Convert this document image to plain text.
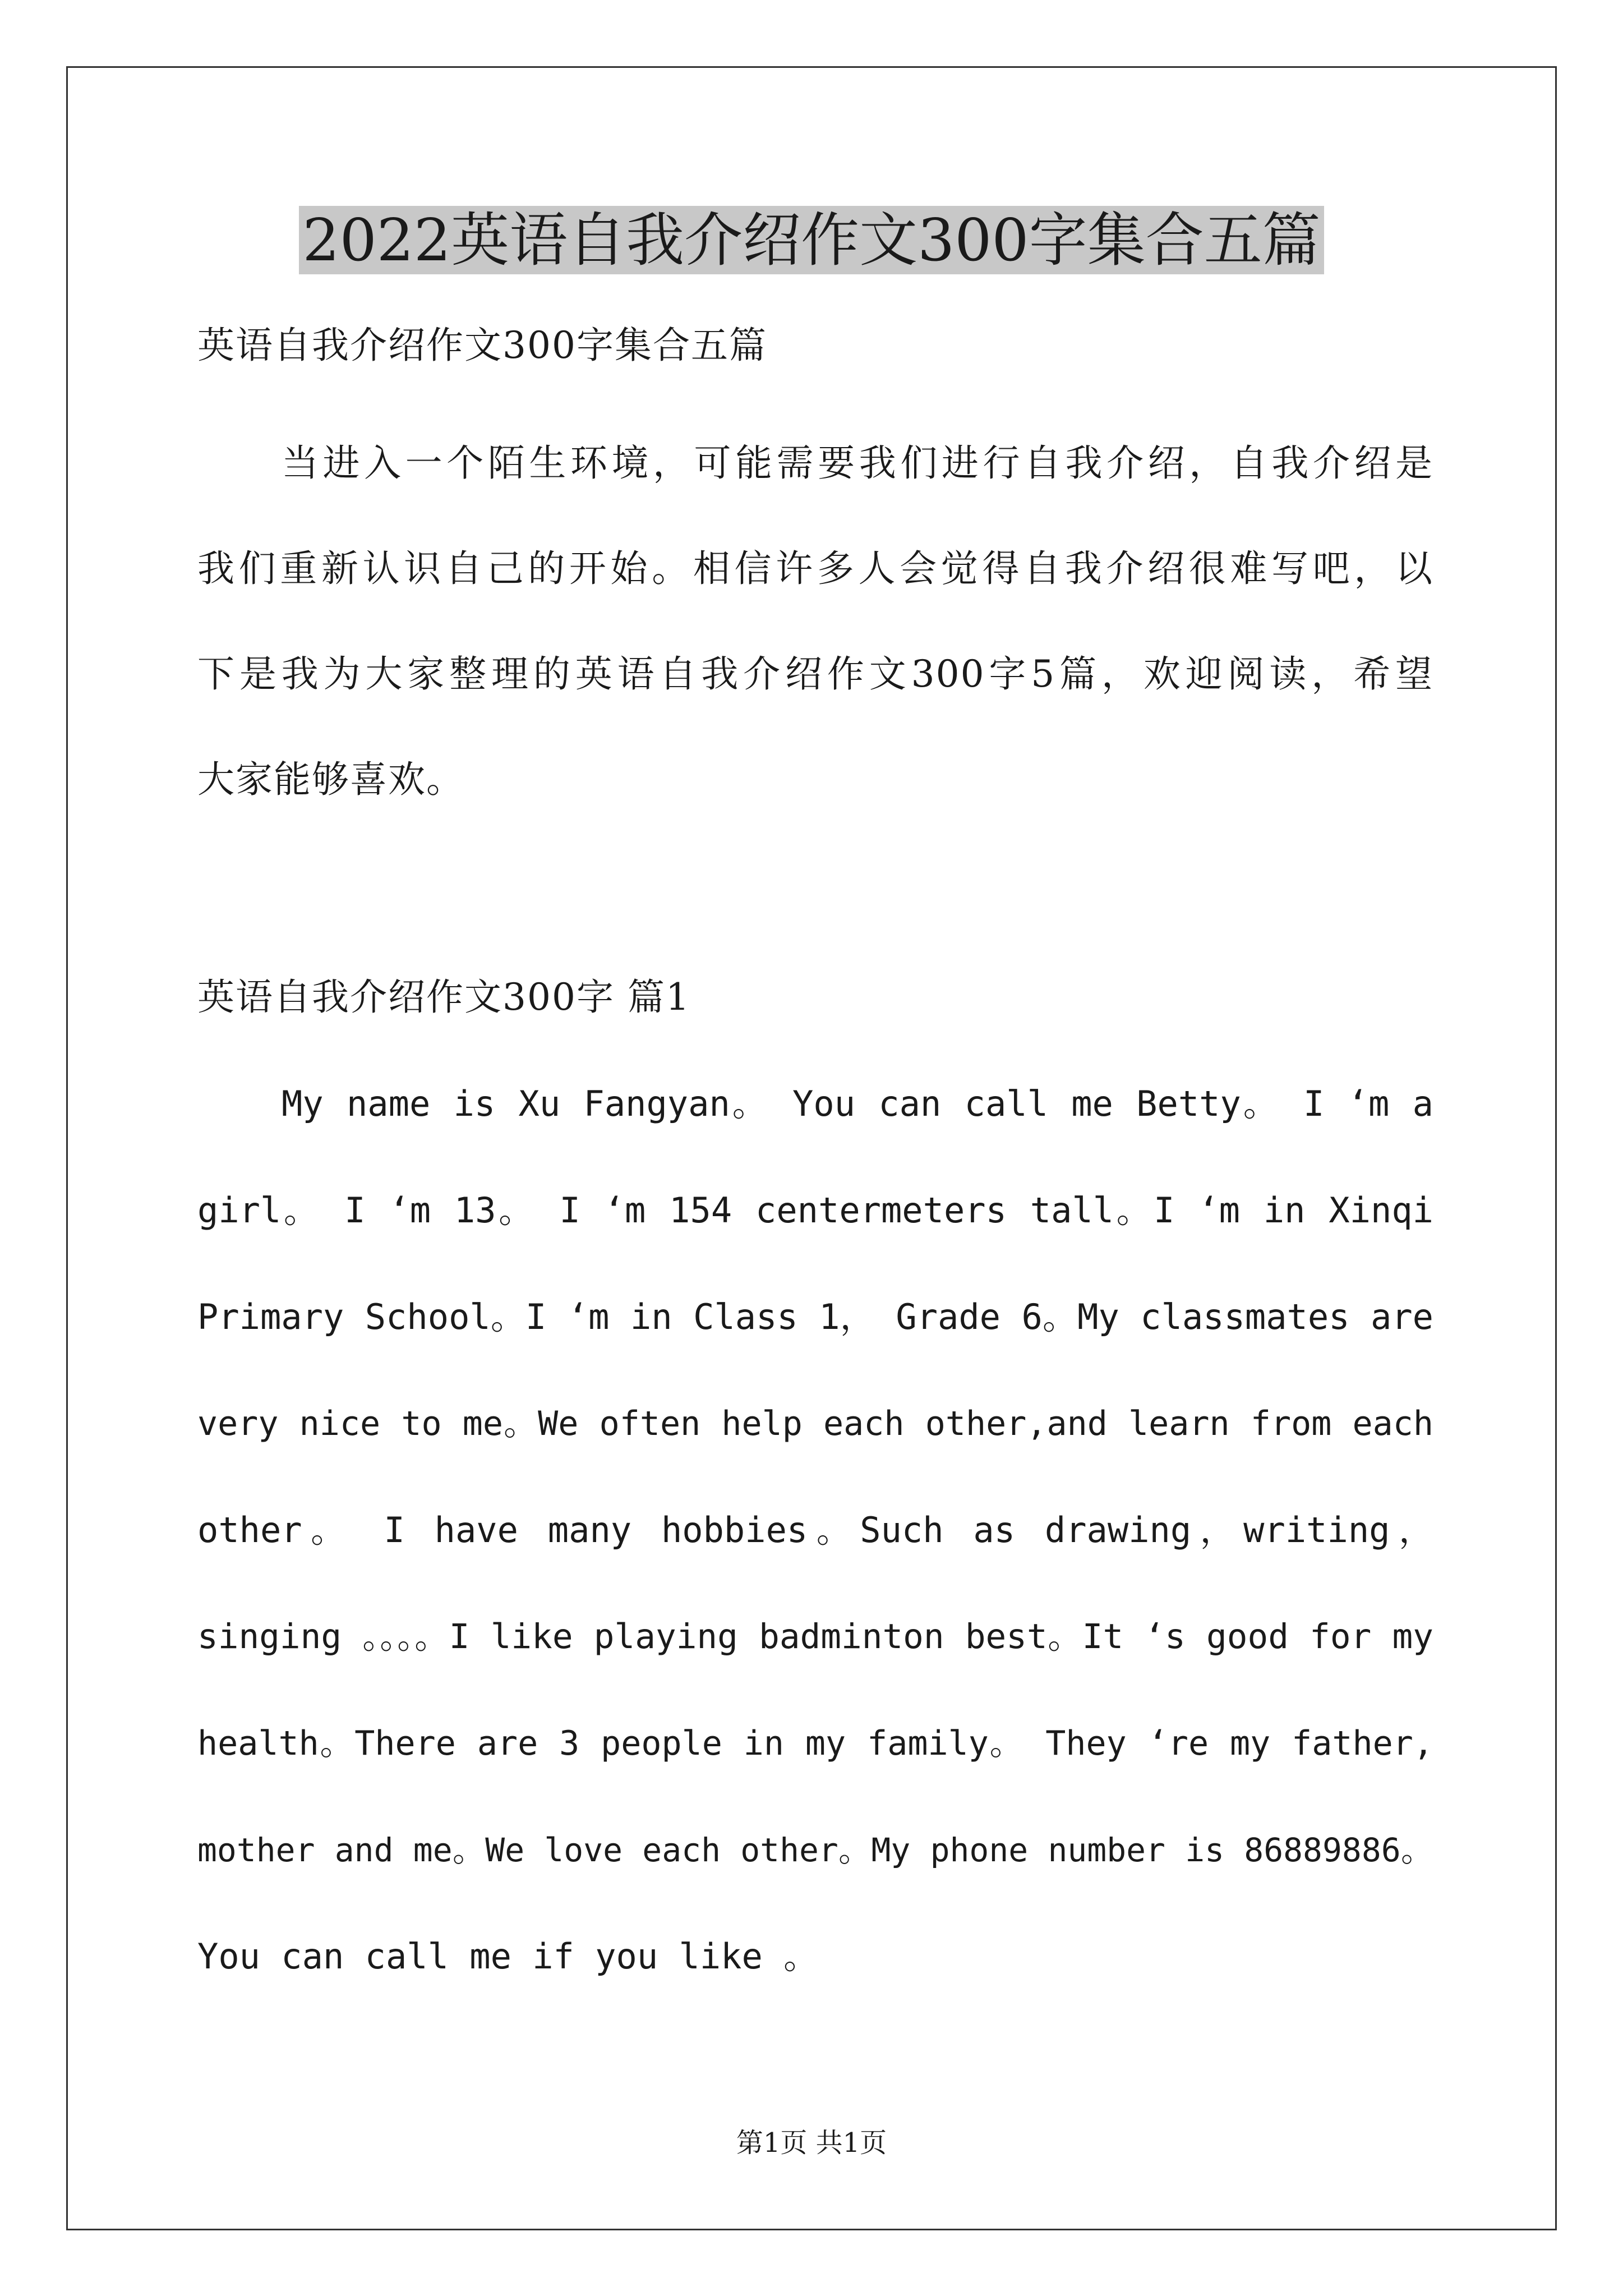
2022英语自我介绍作文300字集合五篇

英语自我介绍作文300字集合五篇

当进入一个陌生环境，可能需要我们进行自我介绍，自我介绍是

我们重新认识自己的开始。相信许多人会觉得自我介绍很难写吧，以

下是我为大家整理的英语自我介绍作文300字5篇，欢迎阅读，希望

大家能够喜欢。

英语自我介绍作文300字 篇1

My name is Xu Fangyan。 You can call me Betty。 I ‘m a

girl。 I ‘m 13。 I ‘m 154 centermeters tall。I ‘m in Xinqi

Primary School。I ‘m in Class 1， Grade 6。My classmates are

very nice to me。We often help each other,and learn from each

other。 I have many hobbies。Such as drawing，writing，

singing 。。。。I like playing badminton best。It ‘s good for my

health。There are 3 people in my family。 They ‘re my father,

mother and me。We love each other。My phone number is 86889886。

You can call me if you like 。

第1页 共1页
